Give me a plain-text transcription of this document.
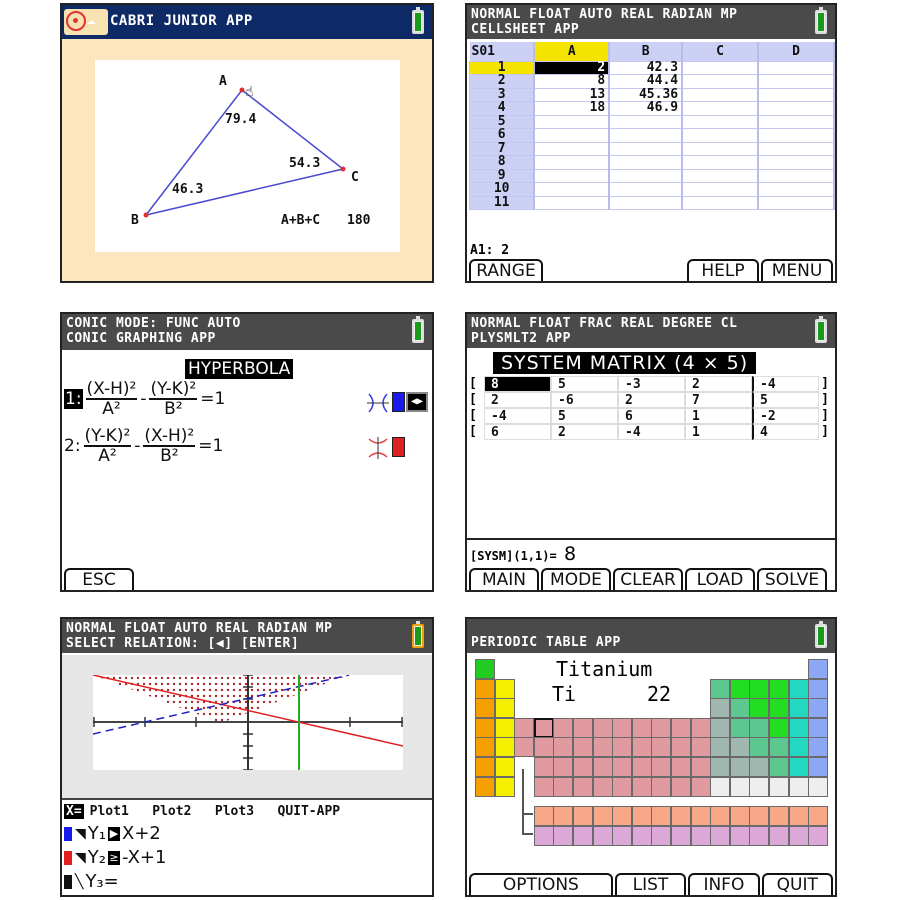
☁ CABRI JUNIOR APP
☝
A
B
C
79.4
46.3
54.3
A+B+C 180
NORMAL FLOAT AUTO REAL RADIAN MP
CELLSHEET APP
S01	A	B	C	D
1	2	42.3		
2	8	44.4		
3	13	45.36		
4	18	46.9		
5				
6				
7				
8				
9				
10				
11				
A1: 2
RANGE	HELP	MENU
CONIC MODE: FUNC AUTO
CONIC GRAPHING APP
HYPERBOLA
1: $\frac{\text{(X-H)²}}{\text{A²}} - \frac{\text{(Y-K)²}}{\text{B²}} =1$
2: $\frac{\text{(Y-K)²}}{\text{A²}} - \frac{\text{(X-H)²}}{\text{B²}} =1$
◀▶
ESC
NORMAL FLOAT FRAC REAL DEGREE CL
PLYSMLT2 APP
SYSTEM MATRIX (4 × 5)
[	8	5	-3	2	-4	]
[	2	-6	2	7	5	]
[	-4	5	6	1	-2	]
[	6	2	-4	1	4	]
[SYSM](1,1)= 8
MAIN	MODE	CLEAR	LOAD	SOLVE
NORMAL FLOAT AUTO REAL RADIAN MP
SELECT RELATION: [◀] [ENTER]
X= Plot1   Plot2   Plot3   QUIT-APP
◥ Y₁ ▶ X+2
◥ Y₂ ≥ -X+1
╲ Y₃ =
PERIODIC TABLE APP
Titanium
Ti	22
OPTIONS	LIST	INFO	QUIT
